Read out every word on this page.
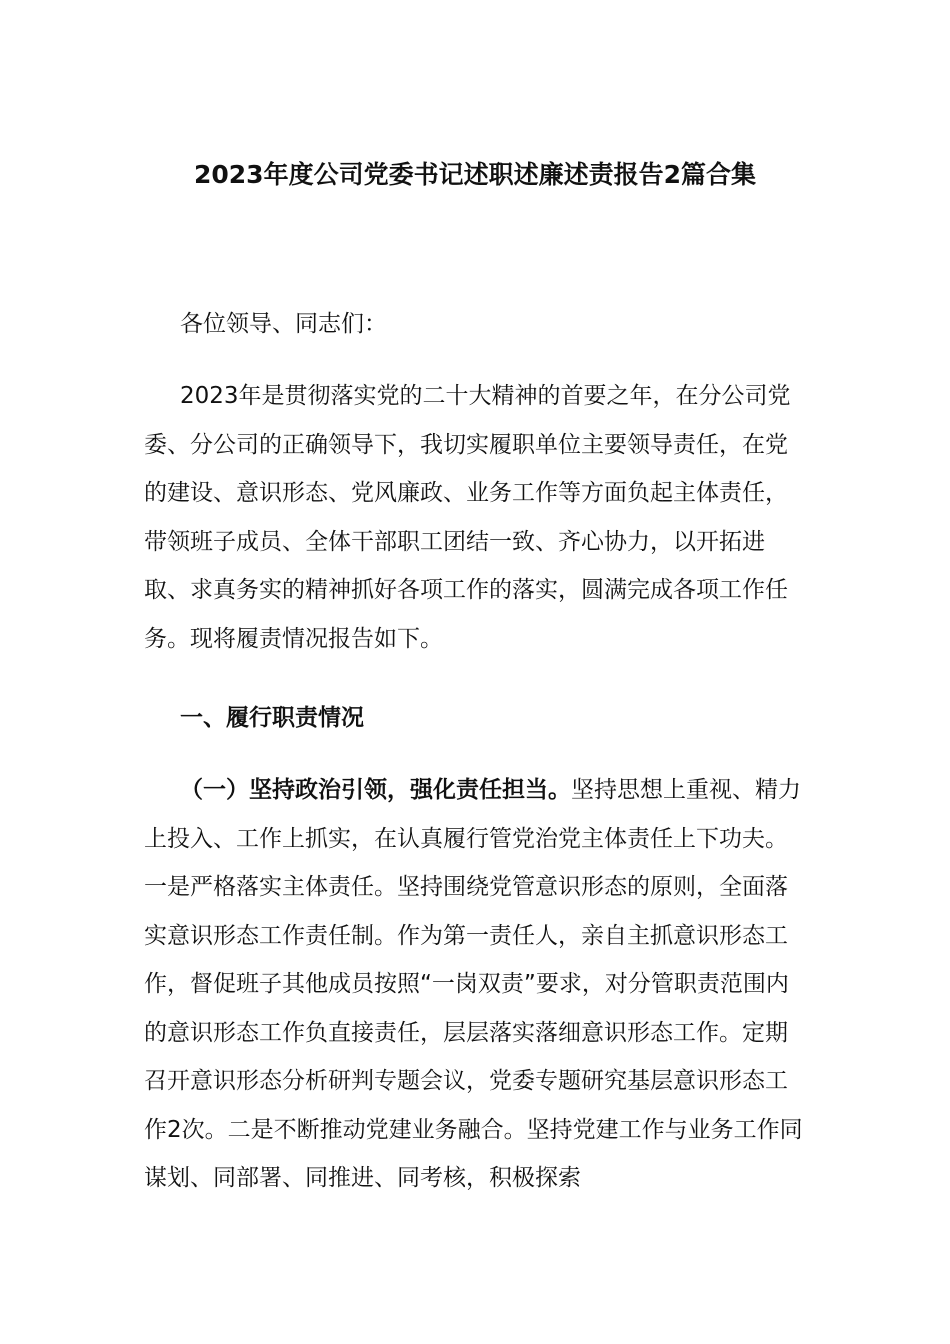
2023年度公司党委书记述职述廉述责报告2篇合集

各位领导、同志们：

2023年是贯彻落实党的二十大精神的首要之年，在分公司党委、分公司的正确领导下，我切实履职单位主要领导责任，在党的建设、意识形态、党风廉政、业务工作等方面负起主体责任，带领班子成员、全体干部职工团结一致、齐心协力，以开拓进取、求真务实的精神抓好各项工作的落实，圆满完成各项工作任务。现将履责情况报告如下。

一、履行职责情况

（一）坚持政治引领，强化责任担当。坚持思想上重视、精力上投入、工作上抓实，在认真履行管党治党主体责任上下功夫。一是严格落实主体责任。坚持围绕党管意识形态的原则，全面落实意识形态工作责任制。作为第一责任人，亲自主抓意识形态工作，督促班子其他成员按照“一岗双责”要求，对分管职责范围内的意识形态工作负直接责任，层层落实落细意识形态工作。定期召开意识形态分析研判专题会议，党委专题研究基层意识形态工作2次。二是不断推动党建业务融合。坚持党建工作与业务工作同谋划、同部署、同推进、同考核，积极探索
